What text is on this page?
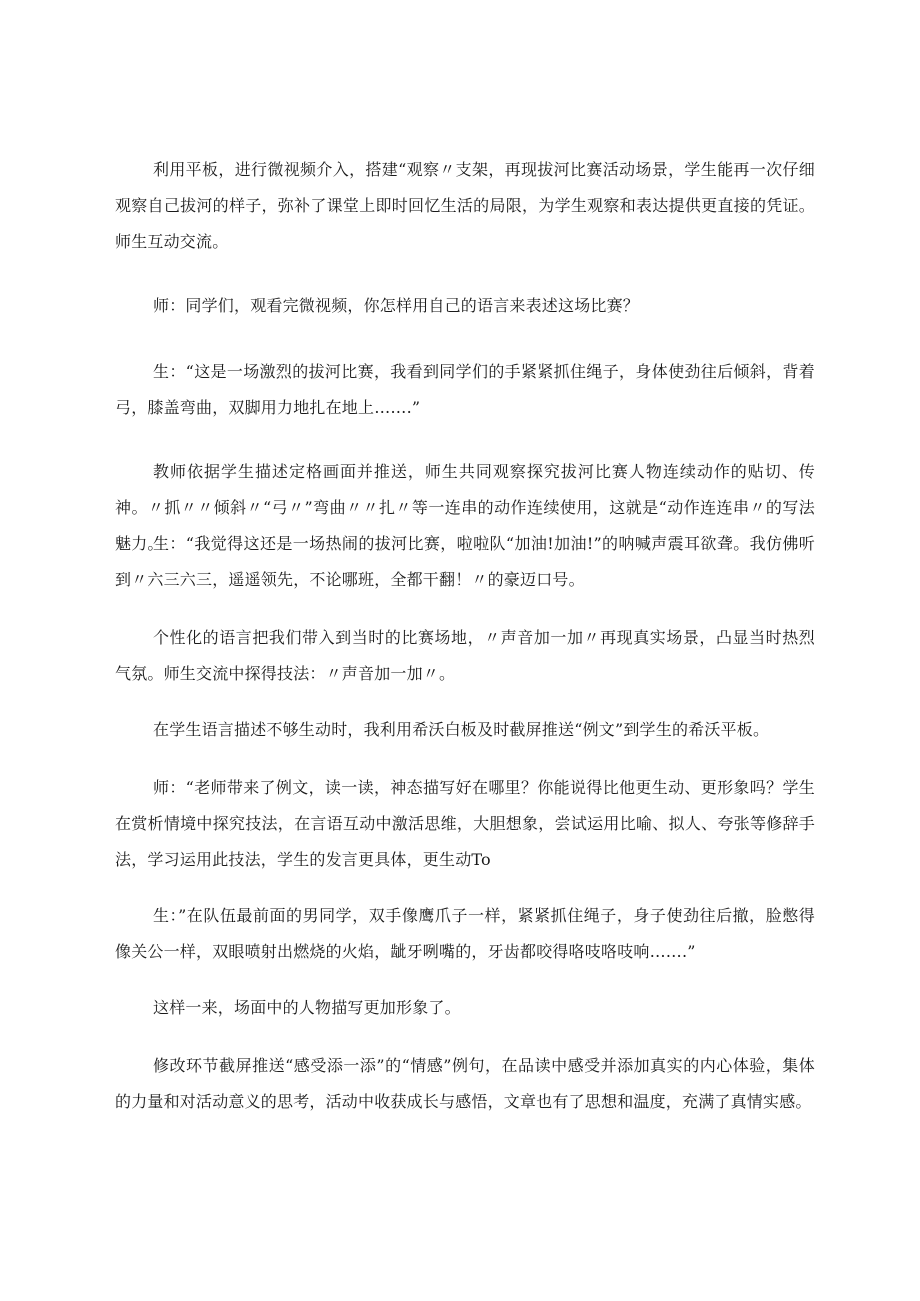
利用平板，进行微视频介入，搭建“观察〃支架，再现拔河比赛活动场景，学生能再一次仔细观察自己拔河的样子，弥补了课堂上即时回忆生活的局限，为学生观察和表达提供更直接的凭证。师生互动交流。

师：同学们，观看完微视频，你怎样用自己的语言来表述这场比赛？

生：“这是一场激烈的拔河比赛，我看到同学们的手紧紧抓住绳子，身体使劲往后倾斜，背着弓，膝盖弯曲，双脚用力地扎在地上…….”

教师依据学生描述定格画面并推送，师生共同观察探究拔河比赛人物连续动作的贴切、传神。〃抓〃〃倾斜〃“弓〃”弯曲〃〃扎〃等一连串的动作连续使用，这就是“动作连连串〃的写法魅力。

生：“我觉得这还是一场热闹的拔河比赛，啦啦队“加油!加油!”的呐喊声震耳欲聋。我仿佛听到〃六三六三，遥遥领先，不论哪班，全都干翻！〃的豪迈口号。

个性化的语言把我们带入到当时的比赛场地，〃声音加一加〃再现真实场景，凸显当时热烈气氛。师生交流中探得技法：〃声音加一加〃。

在学生语言描述不够生动时，我利用希沃白板及时截屏推送“例文”到学生的希沃平板。

师：“老师带来了例文，读一读，神态描写好在哪里？你能说得比他更生动、更形象吗？学生在赏析情境中探究技法，在言语互动中激活思维，大胆想象，尝试运用比喻、拟人、夸张等修辞手法，学习运用此技法，学生的发言更具体，更生动To

生：”在队伍最前面的男同学，双手像鹰爪子一样，紧紧抓住绳子，身子使劲往后撤，脸憋得像关公一样，双眼喷射出燃烧的火焰，龇牙咧嘴的，牙齿都咬得咯吱咯吱响…….”

这样一来，场面中的人物描写更加形象了。

修改环节截屏推送“感受添一添”的“情感”例句，在品读中感受并添加真实的内心体验，集体的力量和对活动意义的思考，活动中收获成长与感悟，文章也有了思想和温度，充满了真情实感。
